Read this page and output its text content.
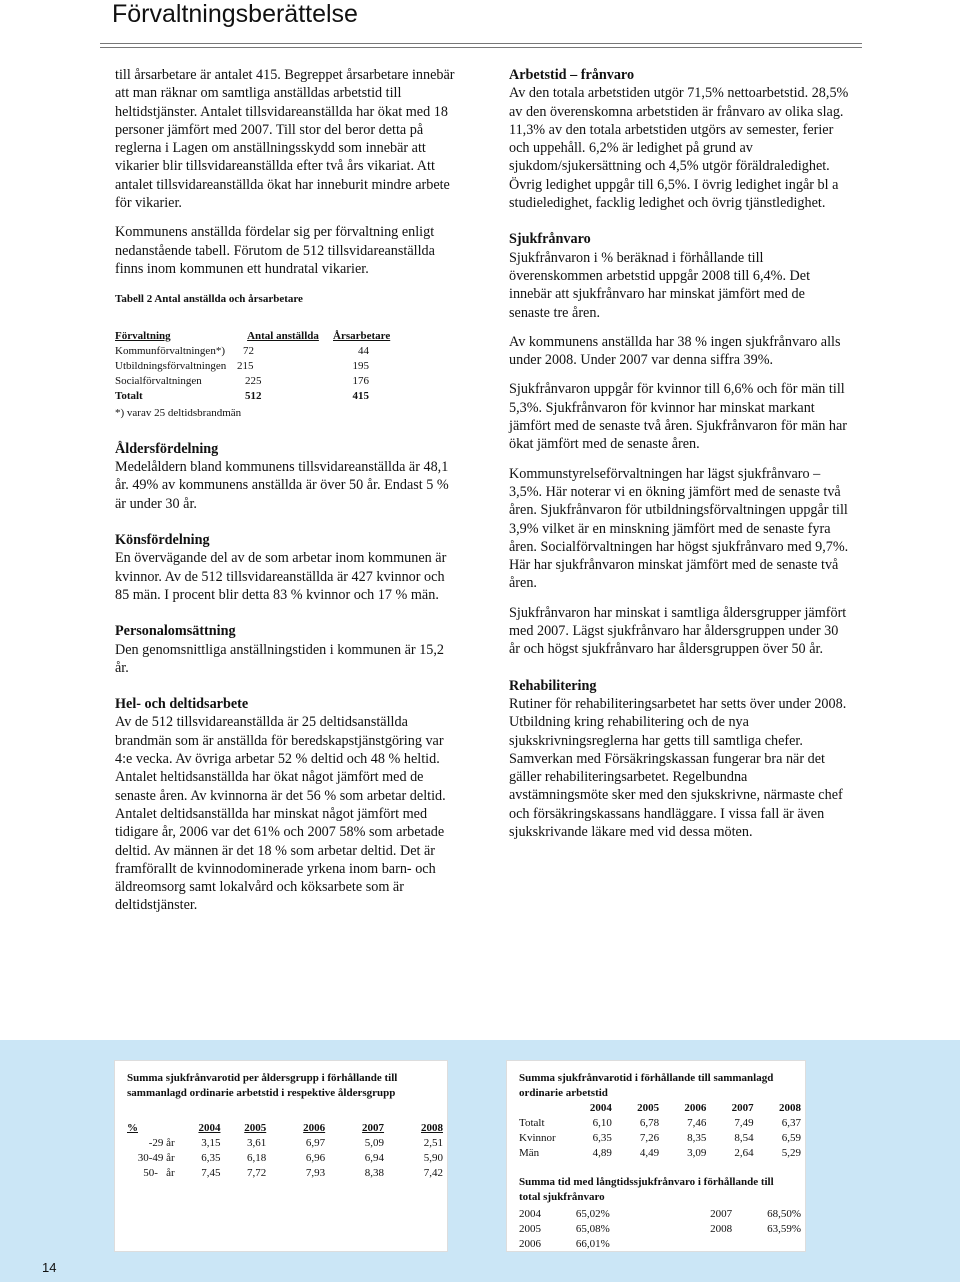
Förvaltningsberättelse

till årsarbetare är antalet 415. Begreppet årsarbetare innebär att man räknar om samtliga anställdas arbetstid till heltidstjänster. Antalet tillsvidareanställda har ökat med 18 personer jämfört med 2007. Till stor del beror detta på reglerna i Lagen om anställningsskydd som innebär att vikarier blir tillsvidareanställda efter två års vikariat. Att antalet tillsvidareanställda ökat har inneburit mindre arbete för vikarier.

Kommunens anställda fördelar sig per förvaltning enligt nedanstående tabell. Förutom de 512 tillsvidareanställda finns inom kommunen ett hundratal vikarier.

Tabell 2 Antal anställda och årsarbetare
Förvaltning	Antal anställda	Årsarbetare
Kommunförvaltningen*)	72	44
Utbildningsförvaltningen	215	195
Socialförvaltningen	225	176
Totalt	512	415
*) varav 25 deltidsbrandmän

Åldersfördelning
Medelåldern bland kommunens tillsvidareanställda är 48,1 år. 49% av kommunens anställda är över 50 år. Endast 5 % är under 30 år.

Könsfördelning
En övervägande del av de som arbetar inom kommunen är kvinnor. Av de 512 tillsvidareanställda är 427 kvinnor och 85 män. I procent blir detta 83 % kvinnor och 17 % män.

Personalomsättning
Den genomsnittliga anställningstiden i kommunen är 15,2 år.

Hel- och deltidsarbete
Av de 512 tillsvidareanställda är 25 deltidsanställda brandmän som är anställda för beredskapstjänstgöring var 4:e vecka. Av övriga arbetar 52 % deltid och 48 % heltid. Antalet heltidsanställda har ökat något jämfört med de senaste åren. Av kvinnorna är det 56 % som arbetar deltid. Antalet deltidsanställda har minskat något jämfört med tidigare år, 2006 var det 61% och 2007 58% som arbetade deltid. Av männen är det 18 % som arbetar deltid. Det är framförallt de kvinnodominerade yrkena inom barn- och äldreomsorg samt lokalvård och köksarbete som är deltidstjänster.

Arbetstid – frånvaro
Av den totala arbetstiden utgör 71,5% nettoarbetstid. 28,5% av den överenskomna arbetstiden är frånvaro av olika slag. 11,3% av den totala arbetstiden utgörs av semester, ferier och uppehåll. 6,2% är ledighet på grund av sjukdom/sjukersättning och 4,5% utgör föräldraledighet. Övrig ledighet uppgår till 6,5%. I övrig ledighet ingår bl a studieledighet, facklig ledighet och övrig tjänstledighet.

Sjukfrånvaro
Sjukfrånvaron i % beräknad i förhållande till överenskommen arbetstid uppgår 2008 till 6,4%. Det innebär att sjukfrånvaro har minskat jämfört med de senaste tre åren.

Av kommunens anställda har 38 % ingen sjukfrånvaro alls under 2008. Under 2007 var denna siffra 39%.

Sjukfrånvaron uppgår för kvinnor till 6,6% och för män till 5,3%. Sjukfrånvaron för kvinnor har minskat markant jämfört med de senaste två åren. Sjukfrånvaron för män har ökat jämfört med de senaste åren.

Kommunstyrelseförvaltningen har lägst sjukfrånvaro – 3,5%. Här noterar vi en ökning jämfört med de senaste två åren. Sjukfrånvaron för utbildningsförvaltningen uppgår till 3,9% vilket är en minskning jämfört med de senaste fyra åren. Socialförvaltningen har högst sjukfrånvaro med 9,7%. Här har sjukfrånvaron minskat jämfört med de senaste två åren.

Sjukfrånvaron har minskat i samtliga åldersgrupper jämfört med 2007. Lägst sjukfrånvaro har åldersgruppen under 30 år och högst sjukfrånvaro har åldersgruppen över 50 år.

Rehabilitering
Rutiner för rehabiliteringsarbetet har setts över under 2008. Utbildning kring rehabilitering och de nya sjukskrivningsreglerna har getts till samtliga chefer. Samverkan med Försäkringskassan fungerar bra när det gäller rehabiliteringsarbetet. Regelbundna avstämningsmöte sker med den sjukskrivne, närmaste chef och försäkringskassans handläggare. I vissa fall är även sjukskrivande läkare med vid dessa möten.

Summa sjukfrånvarotid per åldersgrupp i förhållande till sammanlagd ordinarie arbetstid i respektive åldersgrupp
%	2004	2005	2006	2007	2008
-29 år	3,15	3,61	6,97	5,09	2,51
30-49 år	6,35	6,18	6,96	6,94	5,90
50-   år	7,45	7,72	7,93	8,38	7,42
Summa sjukfrånvarotid i förhållande till sammanlagd ordinarie arbetstid
	2004	2005	2006	2007	2008
Totalt	6,10	6,78	7,46	7,49	6,37
Kvinnor	6,35	7,26	8,35	8,54	6,59
Män	4,89	4,49	3,09	2,64	5,29
Summa tid med långtidssjukfrånvaro i förhållande till total sjukfrånvaro
2004	65,02%	2007	68,50%
2005	65,08%	2008	63,59%
2006	66,01%		
14
